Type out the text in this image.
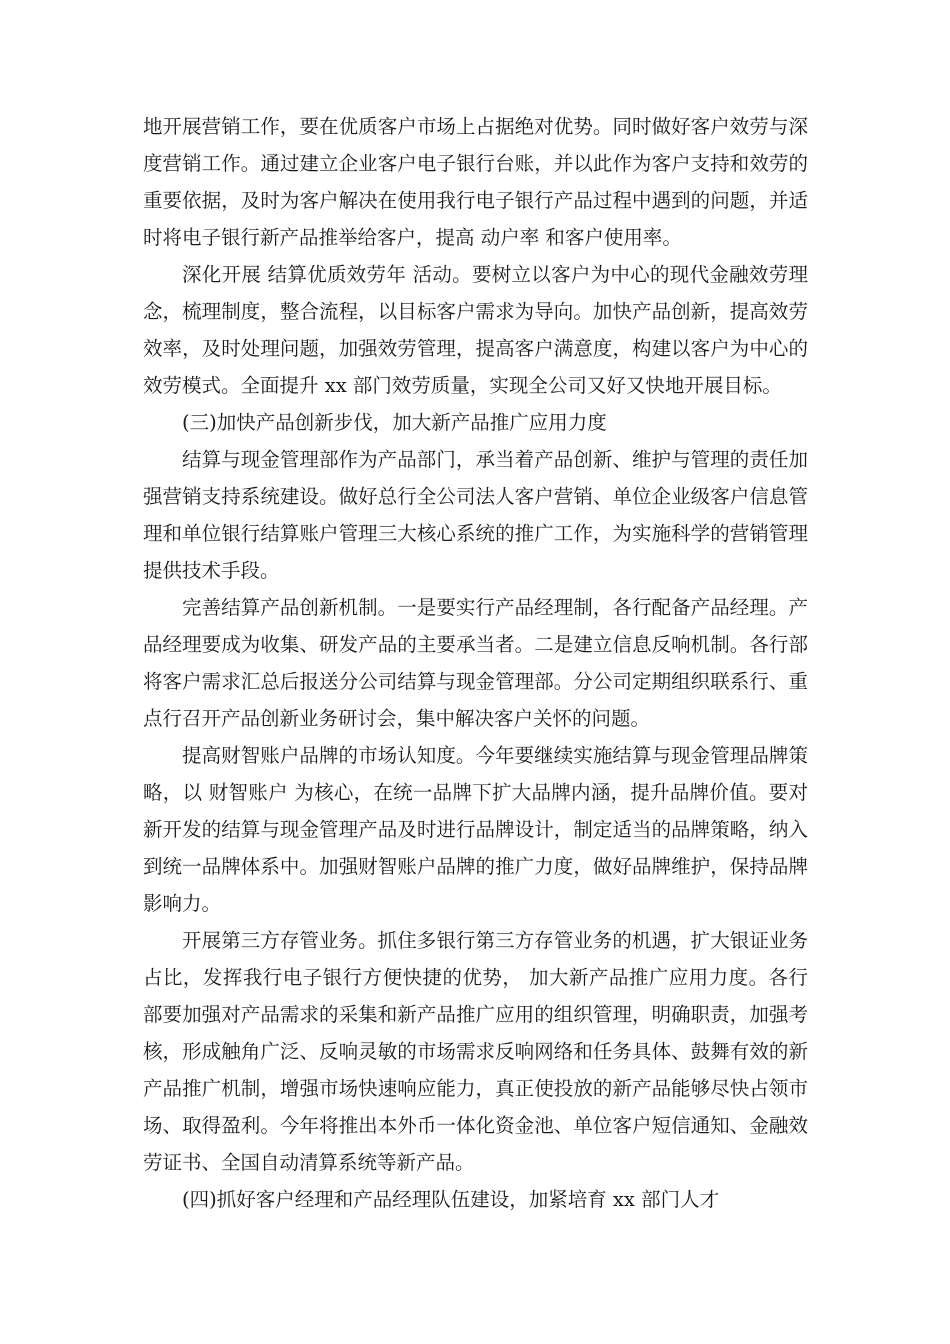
地开展营销工作，要在优质客户市场上占据绝对优势。同时做好客户效劳与深度营销工作。通过建立企业客户电子银行台账，并以此作为客户支持和效劳的重要依据，及时为客户解决在使用我行电子银行产品过程中遇到的问题，并适时将电子银行新产品推举给客户，提高 动户率 和客户使用率。

深化开展 结算优质效劳年 活动。要树立以客户为中心的现代金融效劳理念，梳理制度，整合流程，以目标客户需求为导向。加快产品创新，提高效劳效率，及时处理问题，加强效劳管理，提高客户满意度，构建以客户为中心的效劳模式。全面提升 xx 部门效劳质量，实现全公司又好又快地开展目标。

(三)加快产品创新步伐，加大新产品推广应用力度

结算与现金管理部作为产品部门，承当着产品创新、维护与管理的责任加强营销支持系统建设。做好总行全公司法人客户营销、单位企业级客户信息管理和单位银行结算账户管理三大核心系统的推广工作，为实施科学的营销管理提供技术手段。

完善结算产品创新机制。一是要实行产品经理制，各行配备产品经理。产品经理要成为收集、研发产品的主要承当者。二是建立信息反响机制。各行部将客户需求汇总后报送分公司结算与现金管理部。分公司定期组织联系行、重点行召开产品创新业务研讨会，集中解决客户关怀的问题。

提高财智账户品牌的市场认知度。今年要继续实施结算与现金管理品牌策略，以 财智账户 为核心，在统一品牌下扩大品牌内涵，提升品牌价值。要对新开发的结算与现金管理产品及时进行品牌设计，制定适当的品牌策略，纳入到统一品牌体系中。加强财智账户品牌的推广力度，做好品牌维护，保持品牌影响力。

开展第三方存管业务。抓住多银行第三方存管业务的机遇，扩大银证业务占比，发挥我行电子银行方便快捷的优势， 加大新产品推广应用力度。各行部要加强对产品需求的采集和新产品推广应用的组织管理，明确职责，加强考核，形成触角广泛、反响灵敏的市场需求反响网络和任务具体、鼓舞有效的新产品推广机制，增强市场快速响应能力，真正使投放的新产品能够尽快占领市场、取得盈利。今年将推出本外币一体化资金池、单位客户短信通知、金融效劳证书、全国自动清算系统等新产品。

(四)抓好客户经理和产品经理队伍建设，加紧培育 xx 部门人才
